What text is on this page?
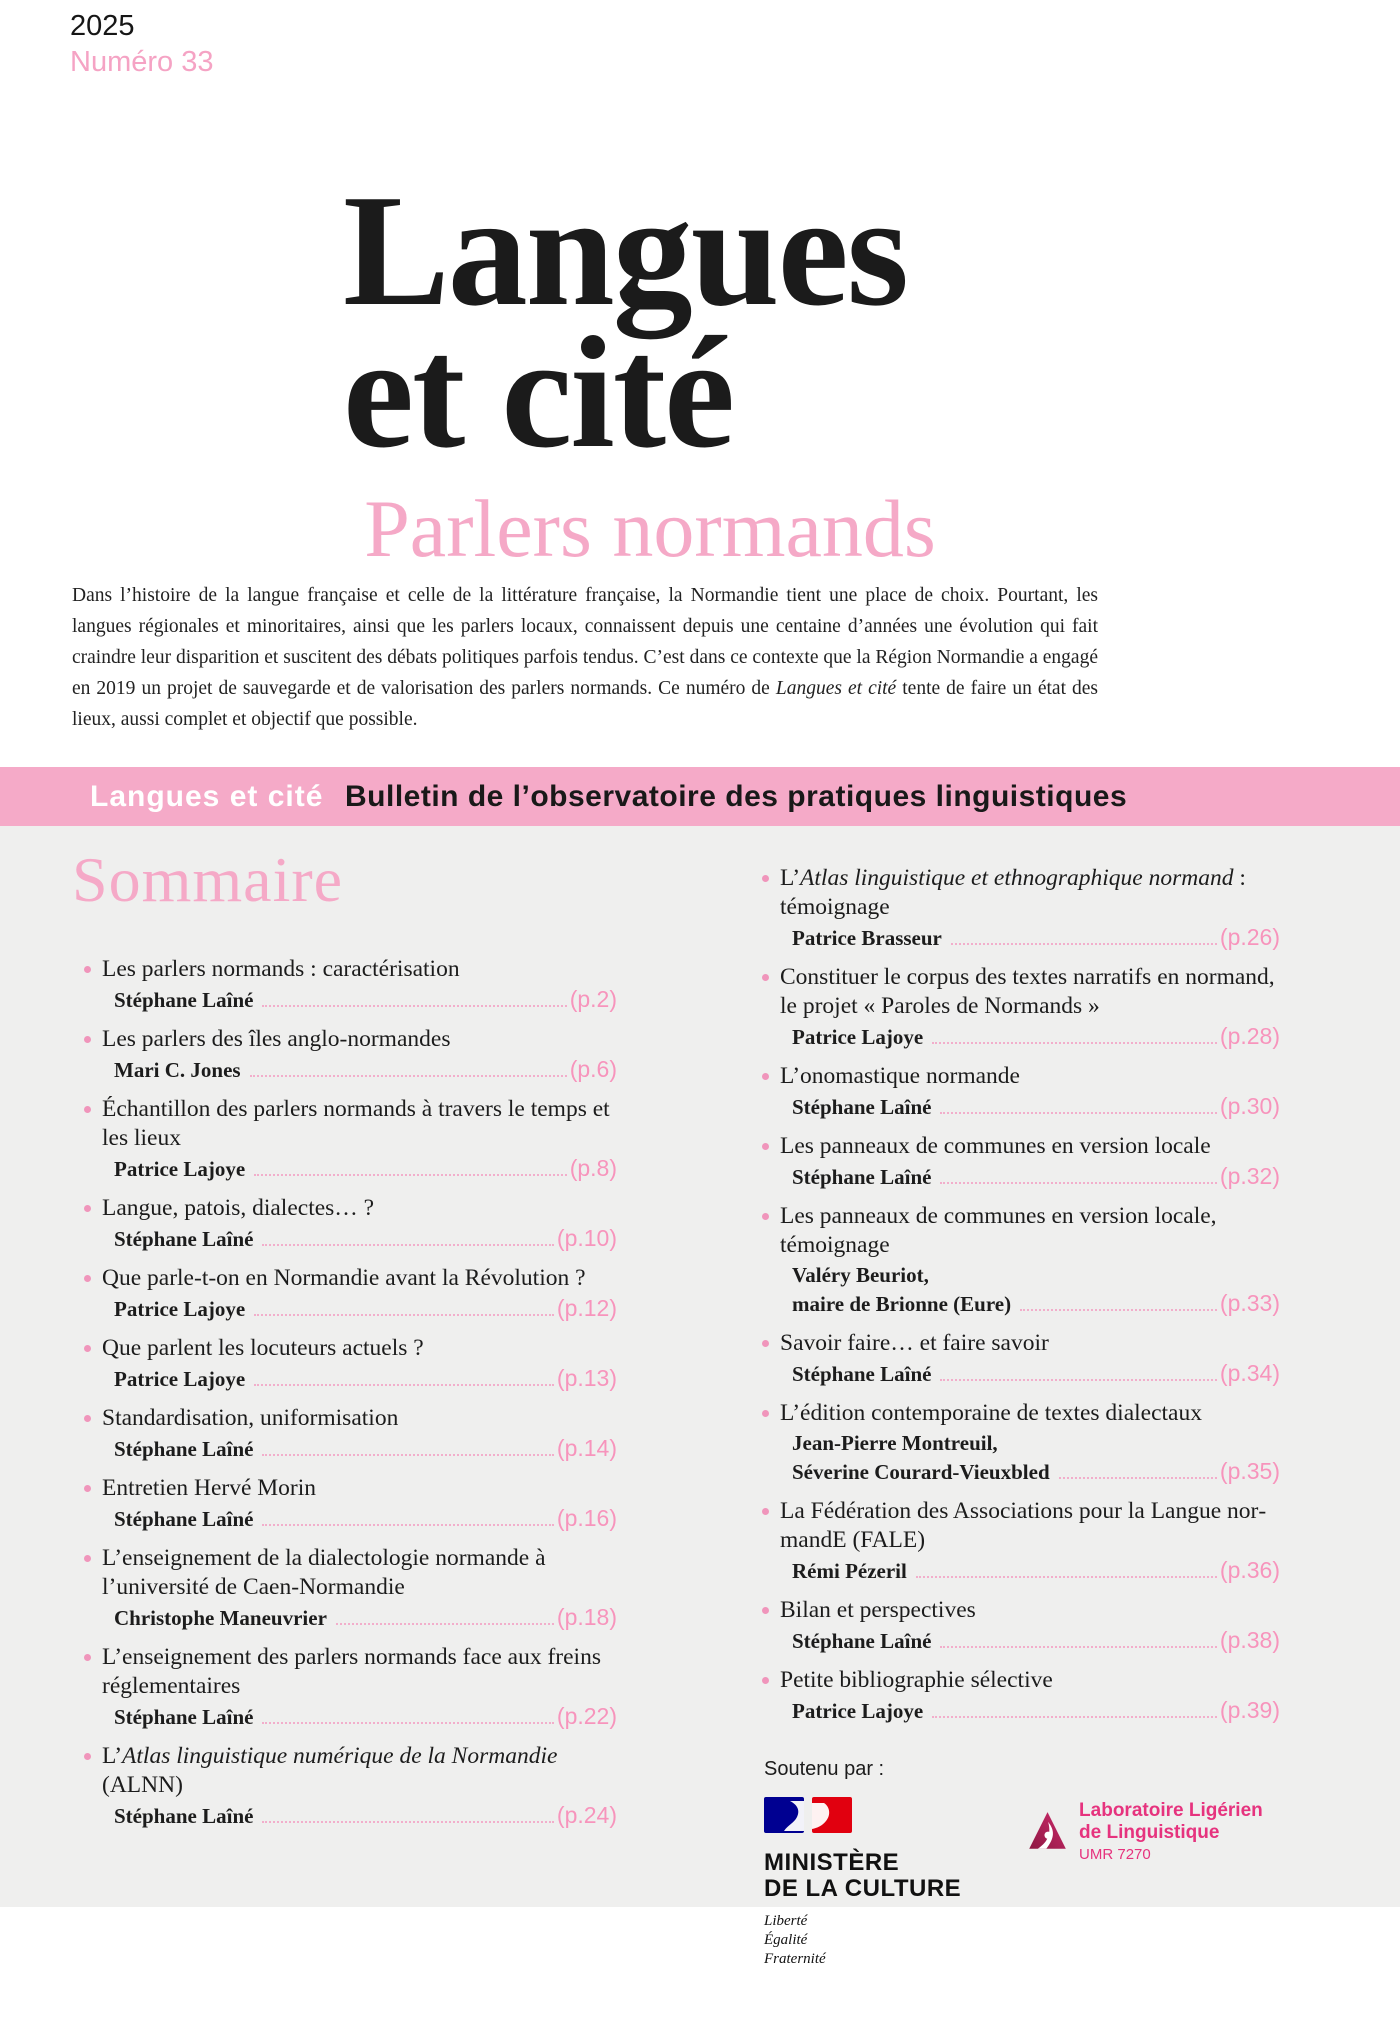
2025
Numéro 33
Langues
et cité
Parlers normands

Dans l’histoire de la langue française et celle de la littérature française, la Normandie tient une place de choix. Pourtant, les langues régionales et minoritaires, ainsi que les parlers locaux, connaissent depuis une centaine d’années une évolution qui fait craindre leur disparition et suscitent des débats politiques parfois tendus. C’est dans ce contexte que la Région Normandie a engagé en 2019 un projet de sauvegarde et de valorisation des parlers normands. Ce numéro de Langues et cité tente de faire un état des lieux, aussi complet et objectif que possible.

Langues et cité Bulletin de l’observatoire des pratiques linguistiques
Sommaire
Les parlers normands : caractérisation
Stéphane Laîné	(p.2)
Les parlers des îles anglo-normandes
Mari C. Jones	(p.6)
Échantillon des parlers normands à travers le temps et les lieux
Patrice Lajoye	(p.8)
Langue, patois, dialectes… ?
Stéphane Laîné	(p.10)
Que parle-t-on en Normandie avant la Révolution ?
Patrice Lajoye	(p.12)
Que parlent les locuteurs actuels ?
Patrice Lajoye	(p.13)
Standardisation, uniformisation
Stéphane Laîné	(p.14)
Entretien Hervé Morin
Stéphane Laîné	(p.16)
L’enseignement de la dialectologie normande à l’université de Caen-Normandie
Christophe Maneuvrier	(p.18)
L’enseignement des parlers normands face aux freins réglementaires
Stéphane Laîné	(p.22)
L’Atlas linguistique numérique de la Normandie (ALNN)
Stéphane Laîné	(p.24)
L’Atlas linguistique et ethnographique normand : témoignage
Patrice Brasseur	(p.26)
Constituer le corpus des textes narratifs en normand, le projet « Paroles de Normands »
Patrice Lajoye	(p.28)
L’onomastique normande
Stéphane Laîné	(p.30)
Les panneaux de communes en version locale
Stéphane Laîné	(p.32)
Les panneaux de communes en version locale, témoignage
Valéry Beuriot,
maire de Brionne (Eure)	(p.33)
Savoir faire… et faire savoir
Stéphane Laîné	(p.34)
L’édition contemporaine de textes dialectaux
Jean-Pierre Montreuil,
Séverine Courard-Vieuxbled	(p.35)
La Fédération des Associations pour la Langue normandE (FALE)
Rémi Pézeril	(p.36)
Bilan et perspectives
Stéphane Laîné	(p.38)
Petite bibliographie sélective
Patrice Lajoye	(p.39)
Soutenu par :
MINISTÈRE
DE LA CULTURE
Liberté
Égalité
Fraternité
Laboratoire Ligérien de Linguistique
UMR 7270
